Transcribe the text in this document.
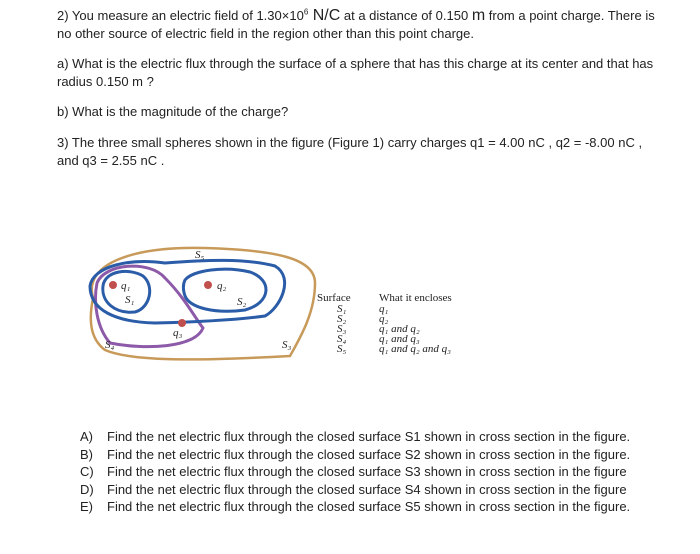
2) You measure an electric field of $1.30\times 10^6$ N/C at a distance of 0.150 m from a point charge. There is
no other source of electric field in the region other than this point charge.
a) What is the electric flux through the surface of a sphere that has this charge at its center and that has
radius 0.150 m ?
b) What is the magnitude of the charge?
3) The three small spheres shown in the figure (Figure 1) carry charges q1 = 4.00 nC , q2 = -8.00 nC ,
and q3 = 2.55 nC .
q₁
S₁
q₂
S₂
q₃
S₅
S₃
S₄
Surface	What it encloses
S₁	q₁
S₂	q₂
S₃	q₁ and q₂
S₄	q₁ and q₃
S₅	q₁ and q₂ and q₃
A)	Find the net electric flux through the closed surface S1 shown in cross section in the figure.
B)	Find the net electric flux through the closed surface S2 shown in cross section in the figure.
C)	Find the net electric flux through the closed surface S3 shown in cross section in the figure
D)	Find the net electric flux through the closed surface S4 shown in cross section in the figure
E)	Find the net electric flux through the closed surface S5 shown in cross section in the figure.
